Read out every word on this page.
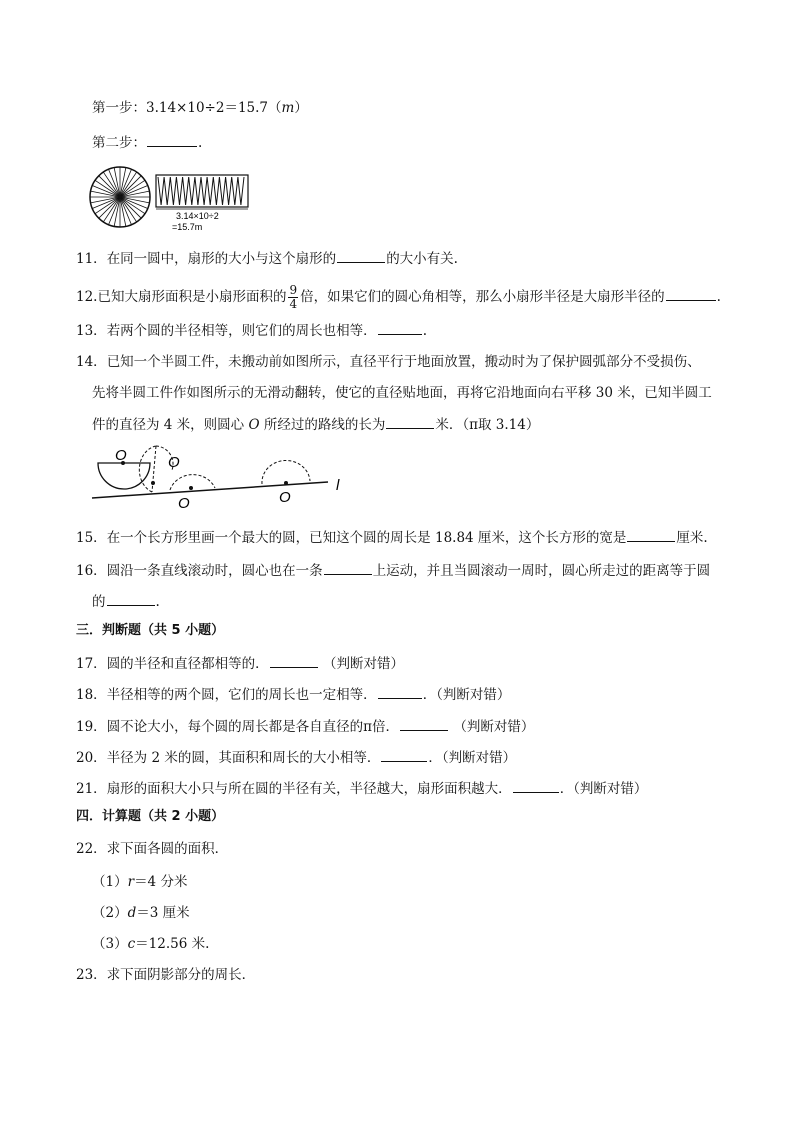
第一步：3.14×10÷2＝15.7（m）
第二步：	.
3.14×10÷2
=15.7m
11．在同一圆中，扇形的大小与这个扇形的	的大小有关.
12.已知大扇形面积是小扇形面积的 $\frac{9}{4}$ 倍，如果它们的圆心角相等，那么小扇形半径是大扇形半径的	.
13．若两个圆的半径相等，则它们的周长也相等．	.
14．已知一个半圆工件，未搬动前如图所示，直径平行于地面放置，搬动时为了保护圆弧部分不受损伤、
先将半圆工件作如图所示的无滑动翻转，使它的直径贴地面，再将它沿地面向右平移 30 米，已知半圆工
件的直径为 4 米，则圆心 O 所经过的路线的长为	米．（π取 3.14）
O	O
O	O
l
15．在一个长方形里画一个最大的圆，已知这个圆的周长是 18.84 厘米，这个长方形的宽是	厘米.
16．圆沿一条直线滚动时，圆心也在一条	上运动，并且当圆滚动一周时，圆心所走过的距离等于圆
的	.
三．判断题（共 5 小题）
17．圆的半径和直径都相等的．	（判断对错）
18．半径相等的两个圆，它们的周长也一定相等．	．（判断对错）
19．圆不论大小，每个圆的周长都是各自直径的π倍．	（判断对错）
20．半径为 2 米的圆，其面积和周长的大小相等．	．（判断对错）
21．扇形的面积大小只与所在圆的半径有关，半径越大，扇形面积越大．	．（判断对错）
四．计算题（共 2 小题）
22．求下面各圆的面积．
（1）r＝4 分米
（2）d＝3 厘米
（3）c＝12.56 米.
23．求下面阴影部分的周长．
